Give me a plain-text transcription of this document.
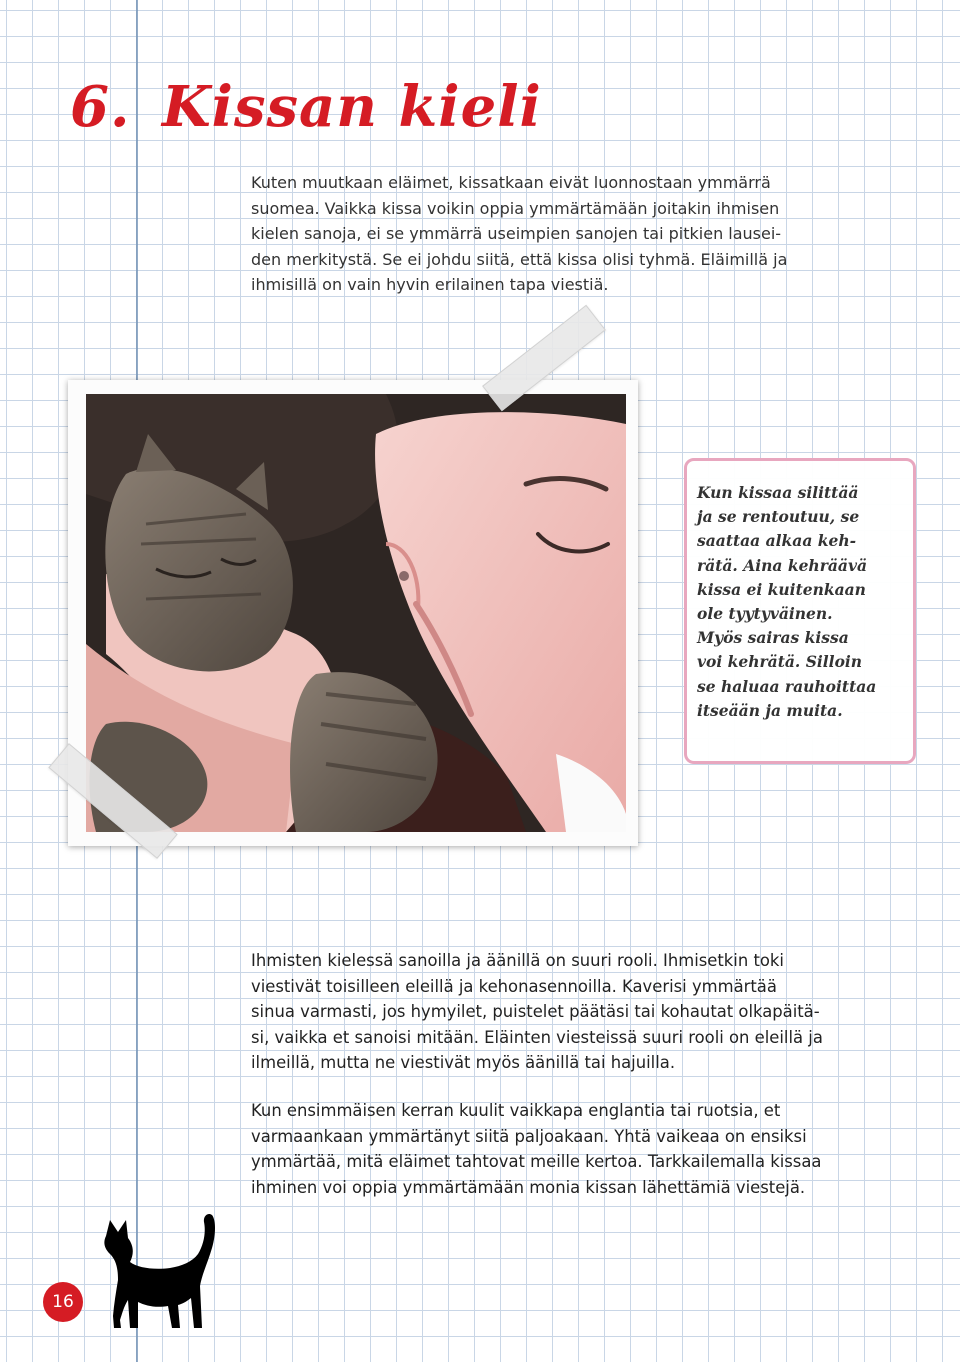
6. Kissan kieli

Kuten muutkaan eläimet, kissatkaan eivät luonnostaan ymmärrä
suomea. Vaikka kissa voikin oppia ymmärtämään joitakin ihmisen
kielen sanoja, ei se ymmärrä useimpien sanojen tai pitkien lausei-
den merkitystä. Se ei johdu siitä, että kissa olisi tyhmä. Eläimillä ja
ihmisillä on vain hyvin erilainen tapa viestiä.

Kun kissaa silittää
ja se rentoutuu, se
saattaa alkaa keh-
rätä. Aina kehräävä
kissa ei kuitenkaan
ole tyytyväinen.
Myös sairas kissa
voi kehrätä. Silloin
se haluaa rauhoittaa
itseään ja muita.

Ihmisten kielessä sanoilla ja äänillä on suuri rooli. Ihmisetkin toki
viestivät toisilleen eleillä ja kehonasennoilla. Kaverisi ymmärtää
sinua varmasti, jos hymyilet, puistelet päätäsi tai kohautat olkapäitä-
si, vaikka et sanoisi mitään. Eläinten viesteissä suuri rooli on eleillä ja
ilmeillä, mutta ne viestivät myös äänillä tai hajuilla.

Kun ensimmäisen kerran kuulit vaikkapa englantia tai ruotsia, et
varmaankaan ymmärtänyt siitä paljoakaan. Yhtä vaikeaa on ensiksi
ymmärtää, mitä eläimet tahtovat meille kertoa. Tarkkailemalla kissaa
ihminen voi oppia ymmärtämään monia kissan lähettämiä viestejä.

16
